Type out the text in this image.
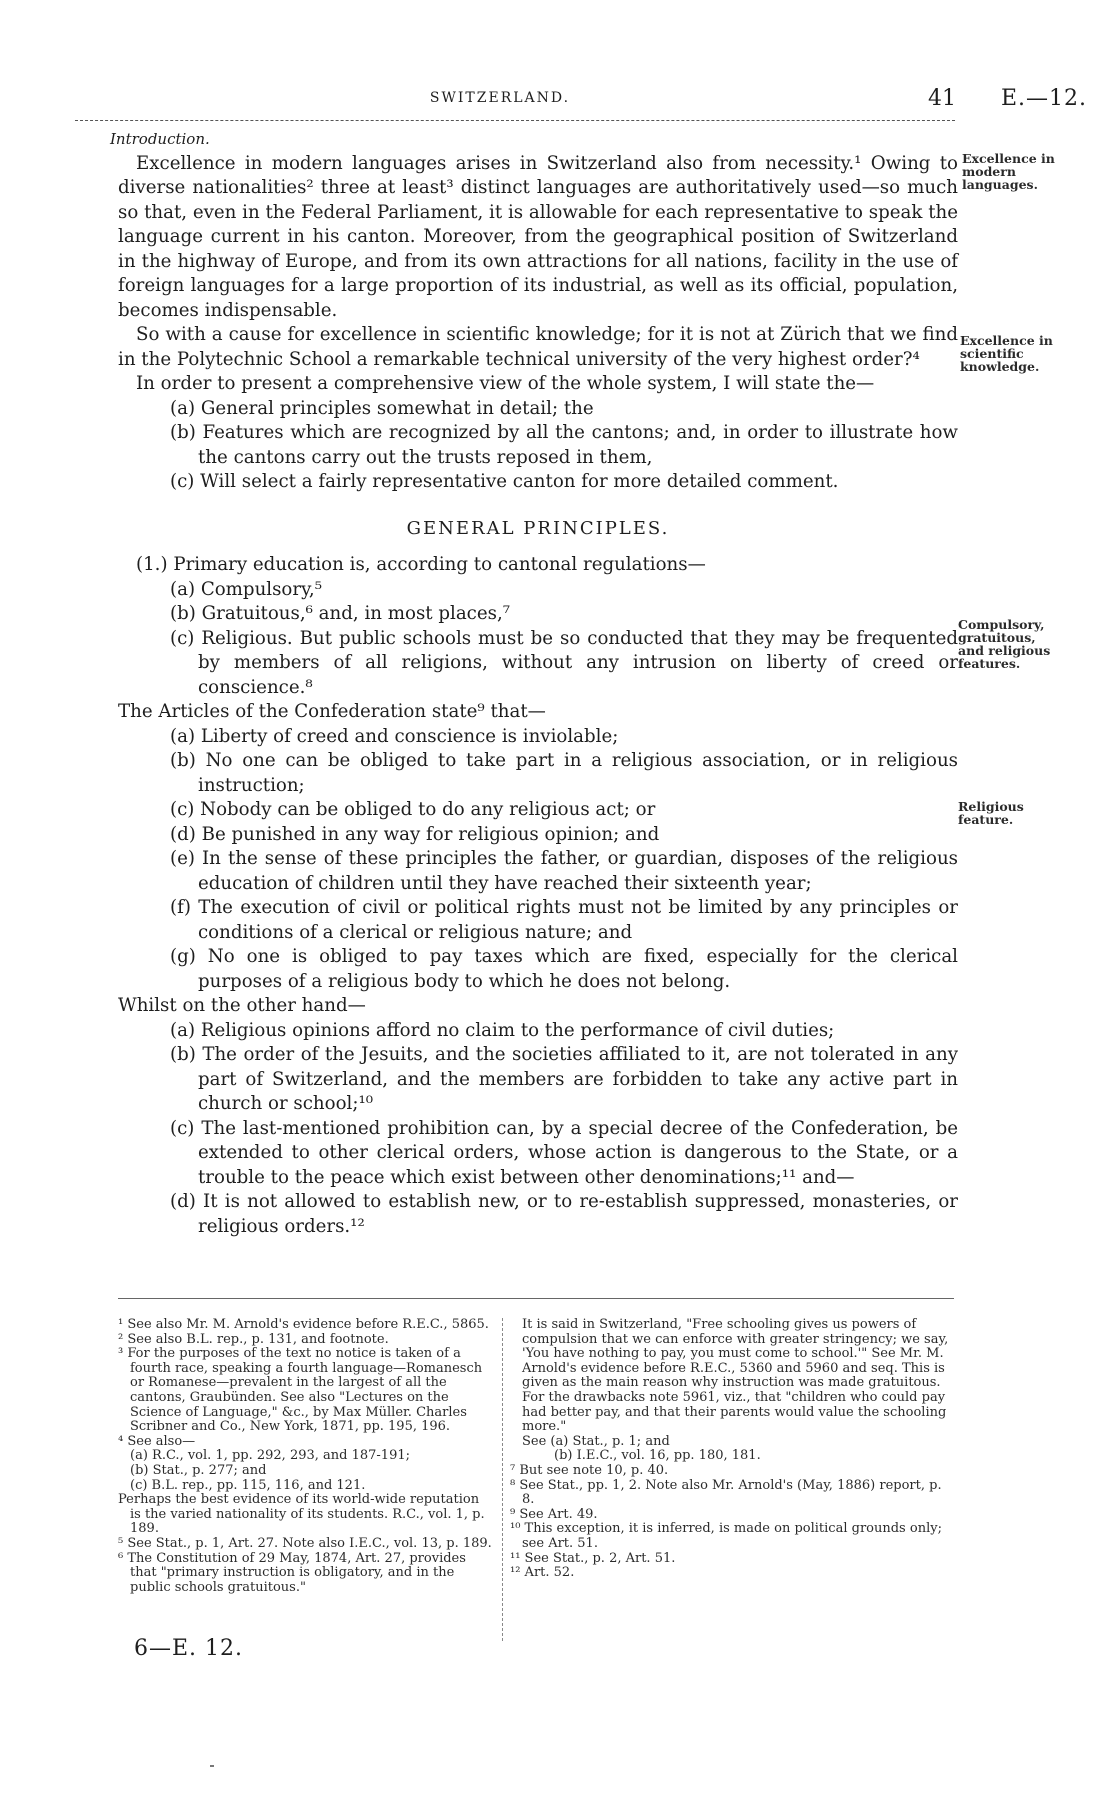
SWITZERLAND.	41 E.—12.

Introduction.

Excellence in modern languages arises in Switzerland also from necessity.¹ Owing to diverse nationalities² three at least³ distinct languages are authoritatively used—so much so that, even in the Federal Parliament, it is allowable for each representative to speak the language current in his canton. Moreover, from the geographical position of Switzerland in the highway of Europe, and from its own attractions for all nations, facility in the use of foreign languages for a large proportion of its industrial, as well as its official, population, becomes indispensable.

So with a cause for excellence in scientific knowledge; for it is not at Zürich that we find in the Polytechnic School a remarkable technical university of the very highest order?⁴

In order to present a comprehensive view of the whole system, I will state the—

(a) General principles somewhat in detail; the

(b) Features which are recognized by all the cantons; and, in order to illustrate how the cantons carry out the trusts reposed in them,

(c) Will select a fairly representative canton for more detailed comment.

GENERAL PRINCIPLES.

(1.) Primary education is, according to cantonal regulations—

(a) Compulsory,⁵

(b) Gratuitous,⁶ and, in most places,⁷

(c) Religious. But public schools must be so conducted that they may be frequented by members of all religions, without any intrusion on liberty of creed or conscience.⁸

The Articles of the Confederation state⁹ that—

(a) Liberty of creed and conscience is inviolable;

(b) No one can be obliged to take part in a religious association, or in religious instruction;

(c) Nobody can be obliged to do any religious act; or

(d) Be punished in any way for religious opinion; and

(e) In the sense of these principles the father, or guardian, disposes of the religious education of children until they have reached their sixteenth year;

(f) The execution of civil or political rights must not be limited by any principles or conditions of a clerical or religious nature; and

(g) No one is obliged to pay taxes which are fixed, especially for the clerical purposes of a religious body to which he does not belong.

Whilst on the other hand—

(a) Religious opinions afford no claim to the performance of civil duties;

(b) The order of the Jesuits, and the societies affiliated to it, are not tolerated in any part of Switzerland, and the members are forbidden to take any active part in church or school;¹⁰

(c) The last-mentioned prohibition can, by a special decree of the Confederation, be extended to other clerical orders, whose action is dangerous to the State, or a trouble to the peace which exist between other denominations;¹¹ and—

(d) It is not allowed to establish new, or to re-establish suppressed, monasteries, or religious orders.¹²

Excellence in
modern
languages.
Excellence in
scientific
knowledge.
Compulsory,
gratuitous,
and religious
features.
Religious
feature.
¹ See also Mr. M. Arnold's evidence before R.E.C., 5865.
² See also B.L. rep., p. 131, and footnote.
³ For the purposes of the text no notice is taken of a fourth race, speaking a fourth language—Romanesch or Romanese—prevalent in the largest of all the cantons, Graubünden. See also "Lectures on the Science of Language," &c., by Max Müller. Charles Scribner and Co., New York, 1871, pp. 195, 196.
⁴ See also—
(a) R.C., vol. 1, pp. 292, 293, and 187-191;
(b) Stat., p. 277; and
(c) B.L. rep., pp. 115, 116, and 121.
Perhaps the best evidence of its world-wide reputation is the varied nationality of its students. R.C., vol. 1, p. 189.
⁵ See Stat., p. 1, Art. 27. Note also I.E.C., vol. 13, p. 189.
⁶ The Constitution of 29 May, 1874, Art. 27, provides that "primary instruction is obligatory, and in the public schools gratuitous."
It is said in Switzerland, "Free schooling gives us powers of compulsion that we can enforce with greater stringency; we say, 'You have nothing to pay, you must come to school.'" See Mr. M. Arnold's evidence before R.E.C., 5360 and 5960 and seq. This is given as the main reason why instruction was made gratuitous. For the drawbacks note 5961, viz., that "children who could pay had better pay, and that their parents would value the schooling more."
See (a) Stat., p. 1; and
(b) I.E.C., vol. 16, pp. 180, 181.
⁷ But see note 10, p. 40.
⁸ See Stat., pp. 1, 2. Note also Mr. Arnold's (May, 1886) report, p. 8.
⁹ See Art. 49.
¹⁰ This exception, it is inferred, is made on political grounds only; see Art. 51.
¹¹ See Stat., p. 2, Art. 51.
¹² Art. 52.
6—E. 12.
